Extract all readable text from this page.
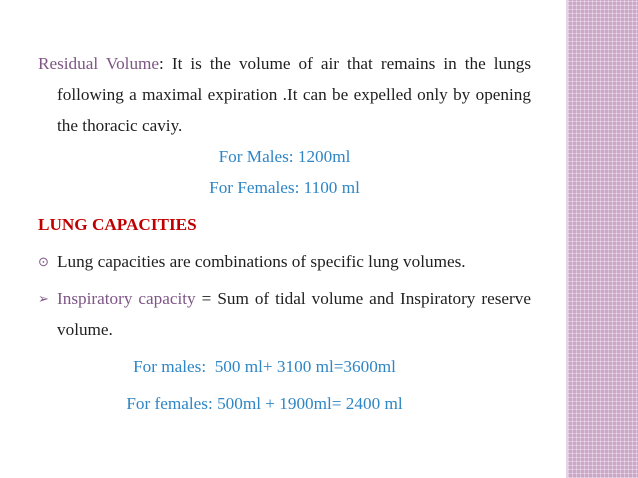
Residual Volume: It is the volume of air that remains in the lungs following a maximal expiration .It can be expelled only by opening the thoracic caviy.

For Males: 1200ml

For Females: 1100 ml

LUNG CAPACITIES

⊙ Lung capacities are combinations of specific lung volumes.
➢ Inspiratory capacity = Sum of tidal volume and Inspiratory reserve volume.

For males:  500 ml+ 3100 ml=3600ml

For females: 500ml + 1900ml= 2400 ml
